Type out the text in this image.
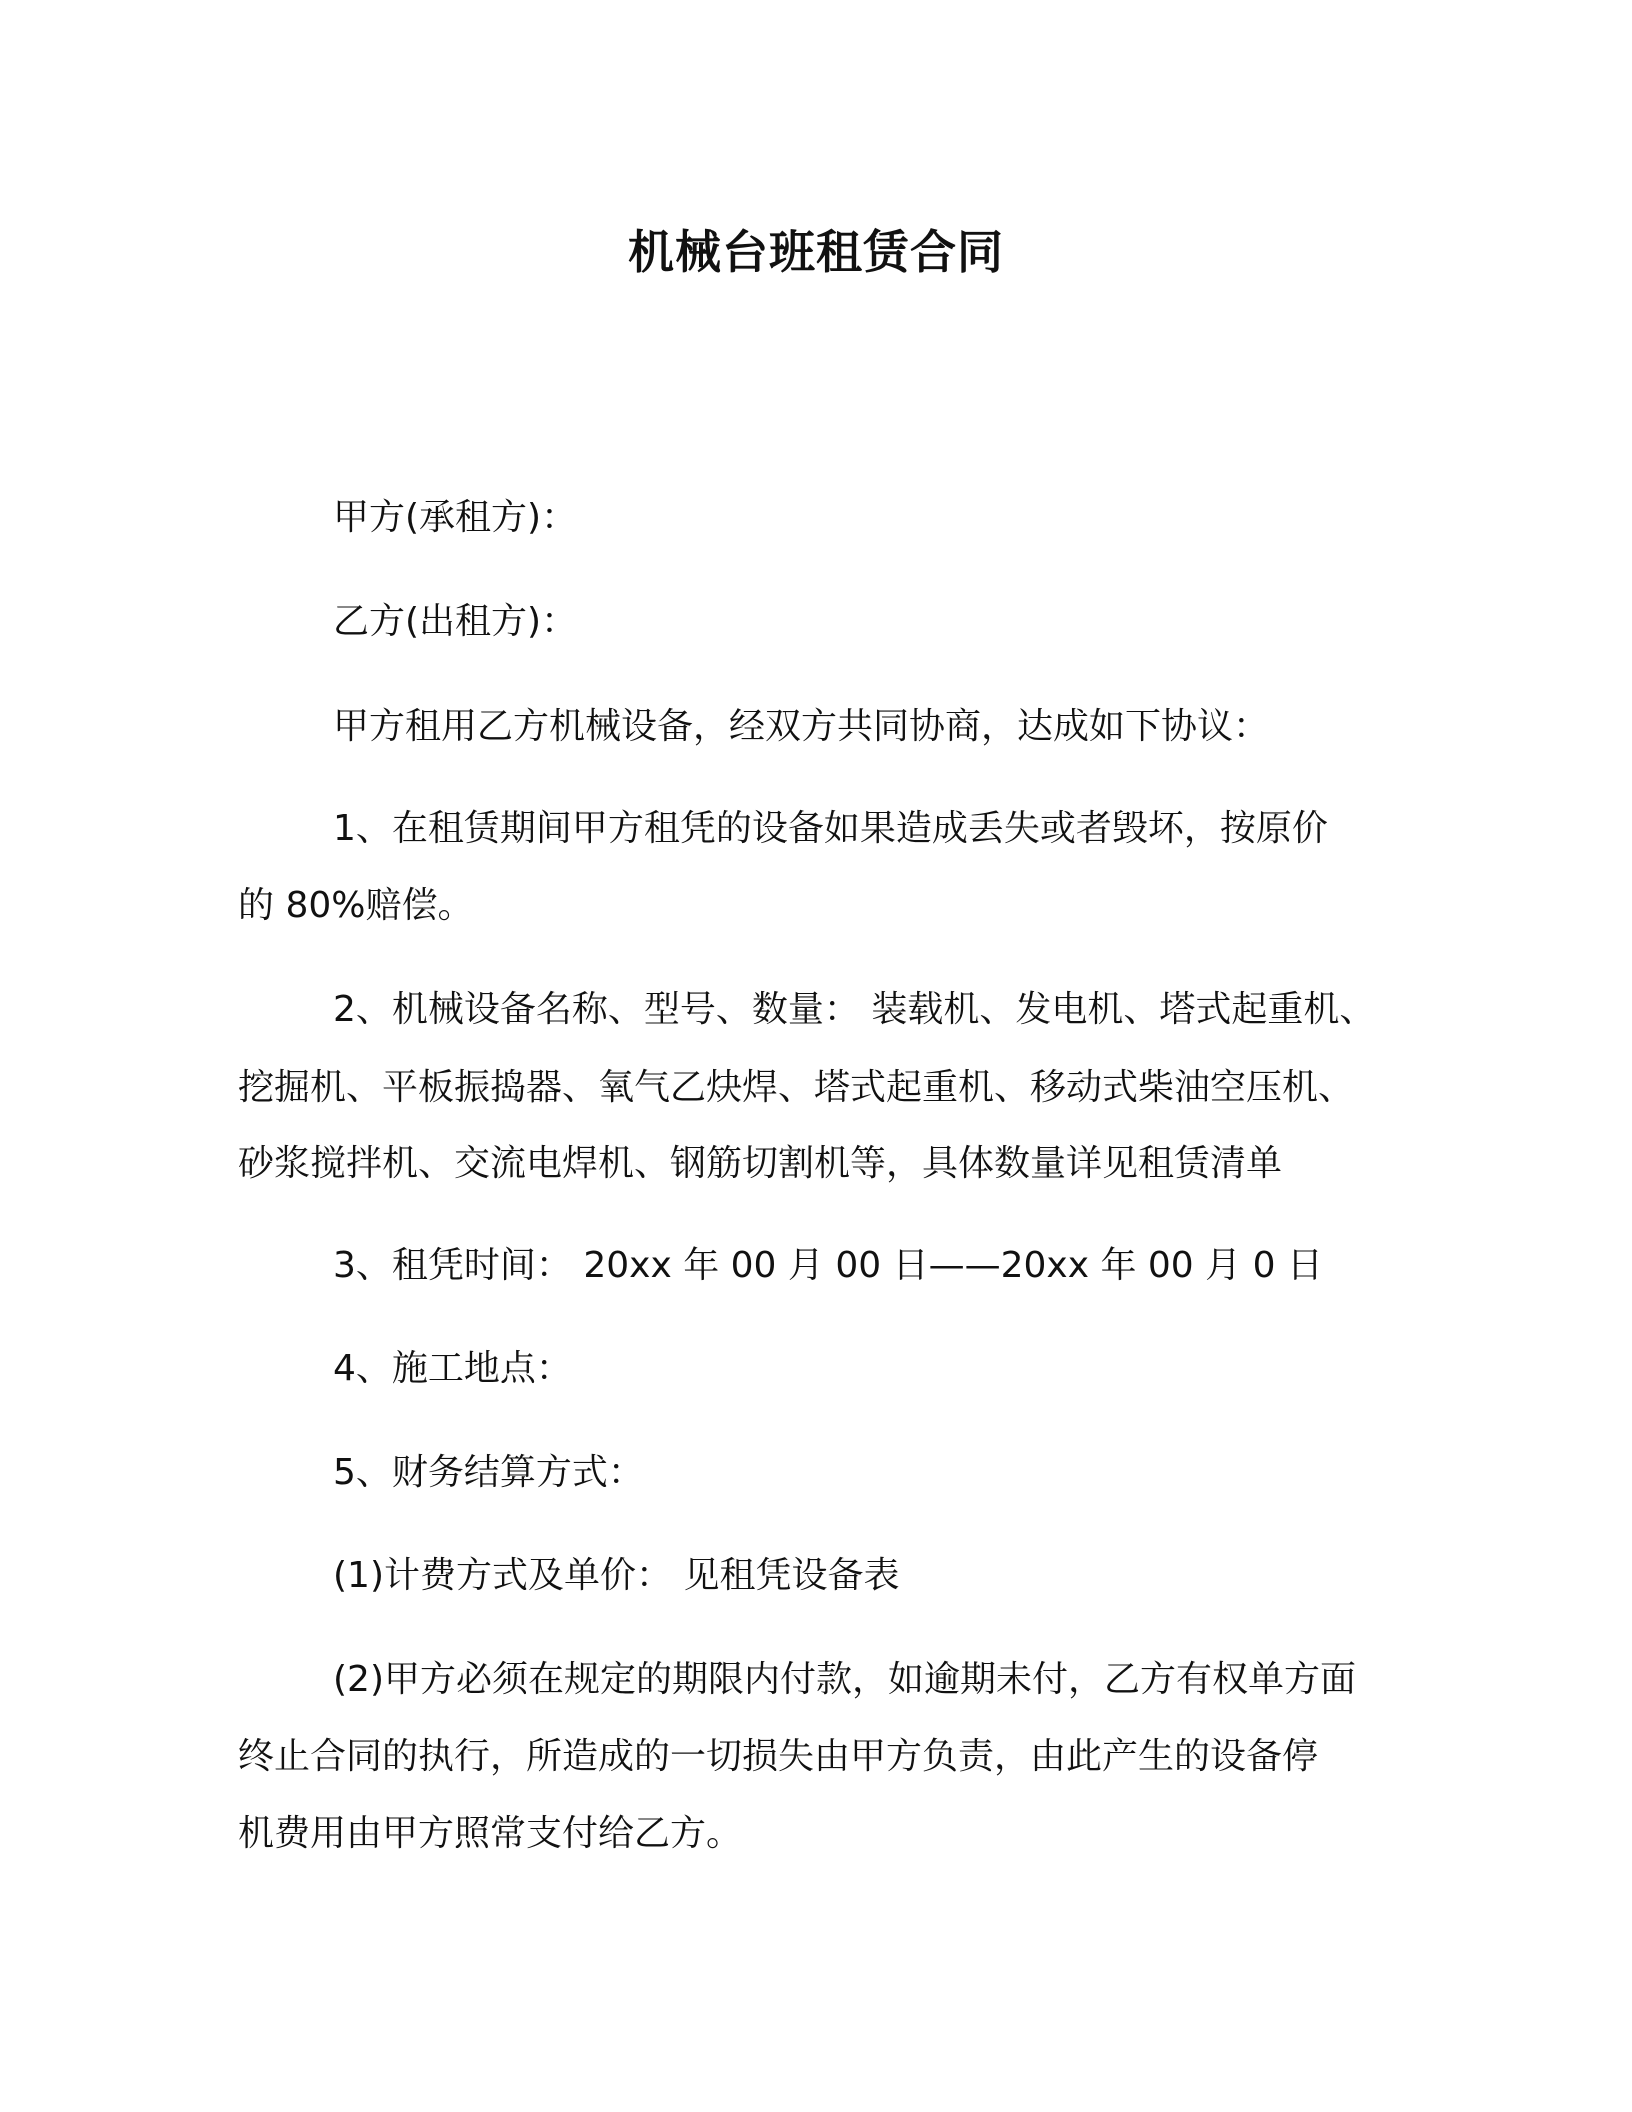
机械台班租赁合同
甲方(承租方)：
乙方(出租方)：
甲方租用乙方机械设备，经双方共同协商，达成如下协议：
1、在租赁期间甲方租凭的设备如果造成丢失或者毁坏，按原价
的 80%赔偿。
2、机械设备名称、型号、数量： 装载机、发电机、塔式起重机、
挖掘机、平板振捣器、氧气乙炔焊、塔式起重机、移动式柴油空压机、
砂浆搅拌机、交流电焊机、钢筋切割机等，具体数量详见租赁清单
3、租凭时间： 20xx 年 00 月 00 日——20xx 年 00 月 0 日
4、施工地点：
5、财务结算方式：
(1)计费方式及单价： 见租凭设备表
(2)甲方必须在规定的期限内付款，如逾期未付，乙方有权单方面
终止合同的执行，所造成的一切损失由甲方负责，由此产生的设备停
机费用由甲方照常支付给乙方。
